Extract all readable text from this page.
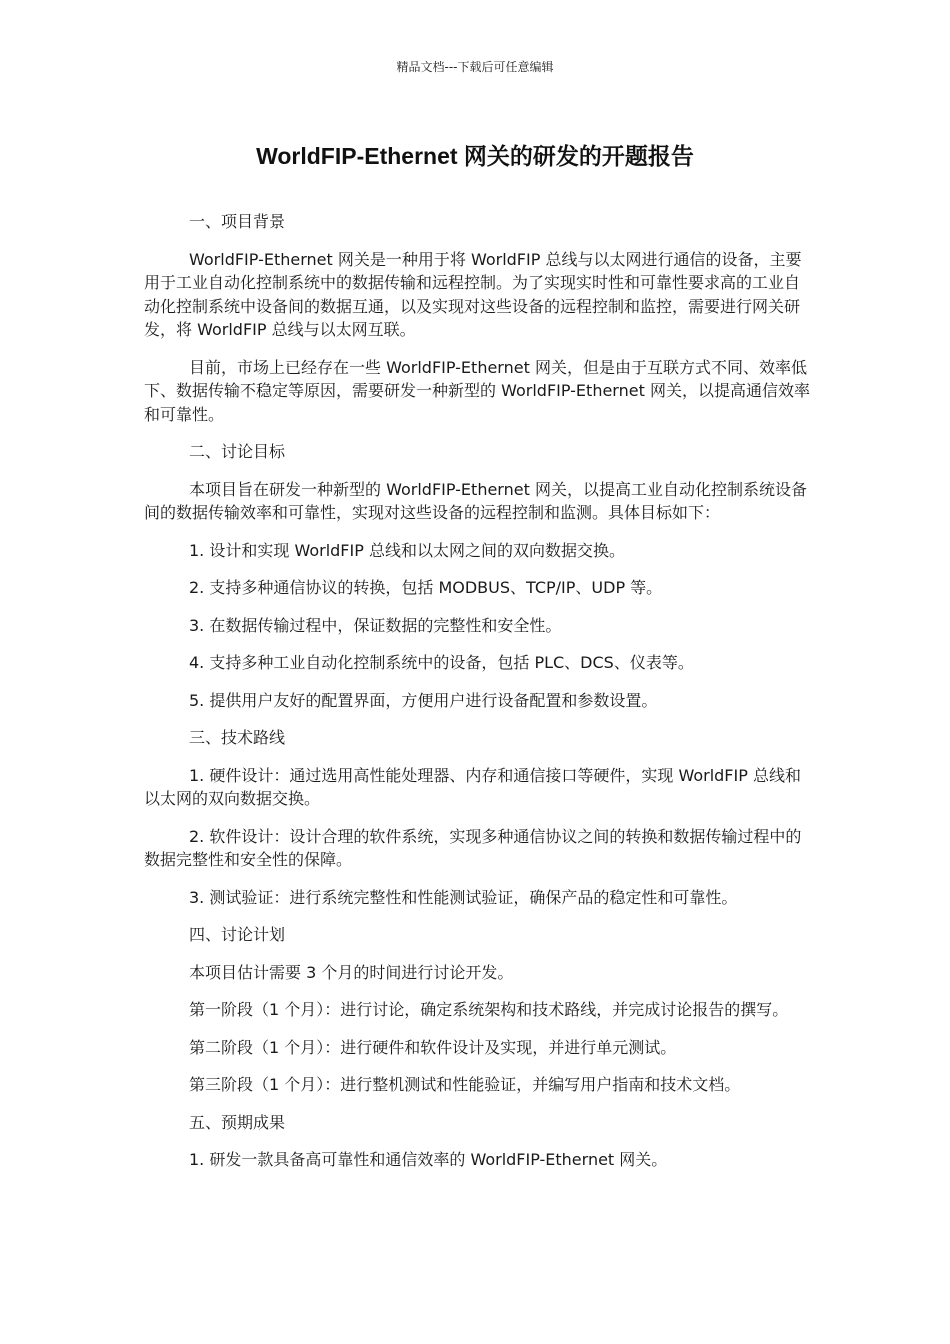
精品文档---下载后可任意编辑
WorldFIP-Ethernet 网关的研发的开题报告

一、项目背景

WorldFIP-Ethernet 网关是一种用于将 WorldFIP 总线与以太网进行通信的设备，主要用于工业自动化控制系统中的数据传输和远程控制。为了实现实时性和可靠性要求高的工业自动化控制系统中设备间的数据互通，以及实现对这些设备的远程控制和监控，需要进行网关研发，将 WorldFIP 总线与以太网互联。

目前，市场上已经存在一些 WorldFIP-Ethernet 网关，但是由于互联方式不同、效率低下、数据传输不稳定等原因，需要研发一种新型的 WorldFIP-Ethernet 网关，以提高通信效率和可靠性。

二、讨论目标

本项目旨在研发一种新型的 WorldFIP-Ethernet 网关，以提高工业自动化控制系统设备间的数据传输效率和可靠性，实现对这些设备的远程控制和监测。具体目标如下：

1. 设计和实现 WorldFIP 总线和以太网之间的双向数据交换。

2. 支持多种通信协议的转换，包括 MODBUS、TCP/IP、UDP 等。

3. 在数据传输过程中，保证数据的完整性和安全性。

4. 支持多种工业自动化控制系统中的设备，包括 PLC、DCS、仪表等。

5. 提供用户友好的配置界面，方便用户进行设备配置和参数设置。

三、技术路线

1. 硬件设计：通过选用高性能处理器、内存和通信接口等硬件，实现 WorldFIP 总线和以太网的双向数据交换。

2. 软件设计：设计合理的软件系统，实现多种通信协议之间的转换和数据传输过程中的数据完整性和安全性的保障。

3. 测试验证：进行系统完整性和性能测试验证，确保产品的稳定性和可靠性。

四、讨论计划

本项目估计需要 3 个月的时间进行讨论开发。

第一阶段（1 个月）：进行讨论，确定系统架构和技术路线，并完成讨论报告的撰写。

第二阶段（1 个月）：进行硬件和软件设计及实现，并进行单元测试。

第三阶段（1 个月）：进行整机测试和性能验证，并编写用户指南和技术文档。

五、预期成果

1. 研发一款具备高可靠性和通信效率的 WorldFIP-Ethernet 网关。
